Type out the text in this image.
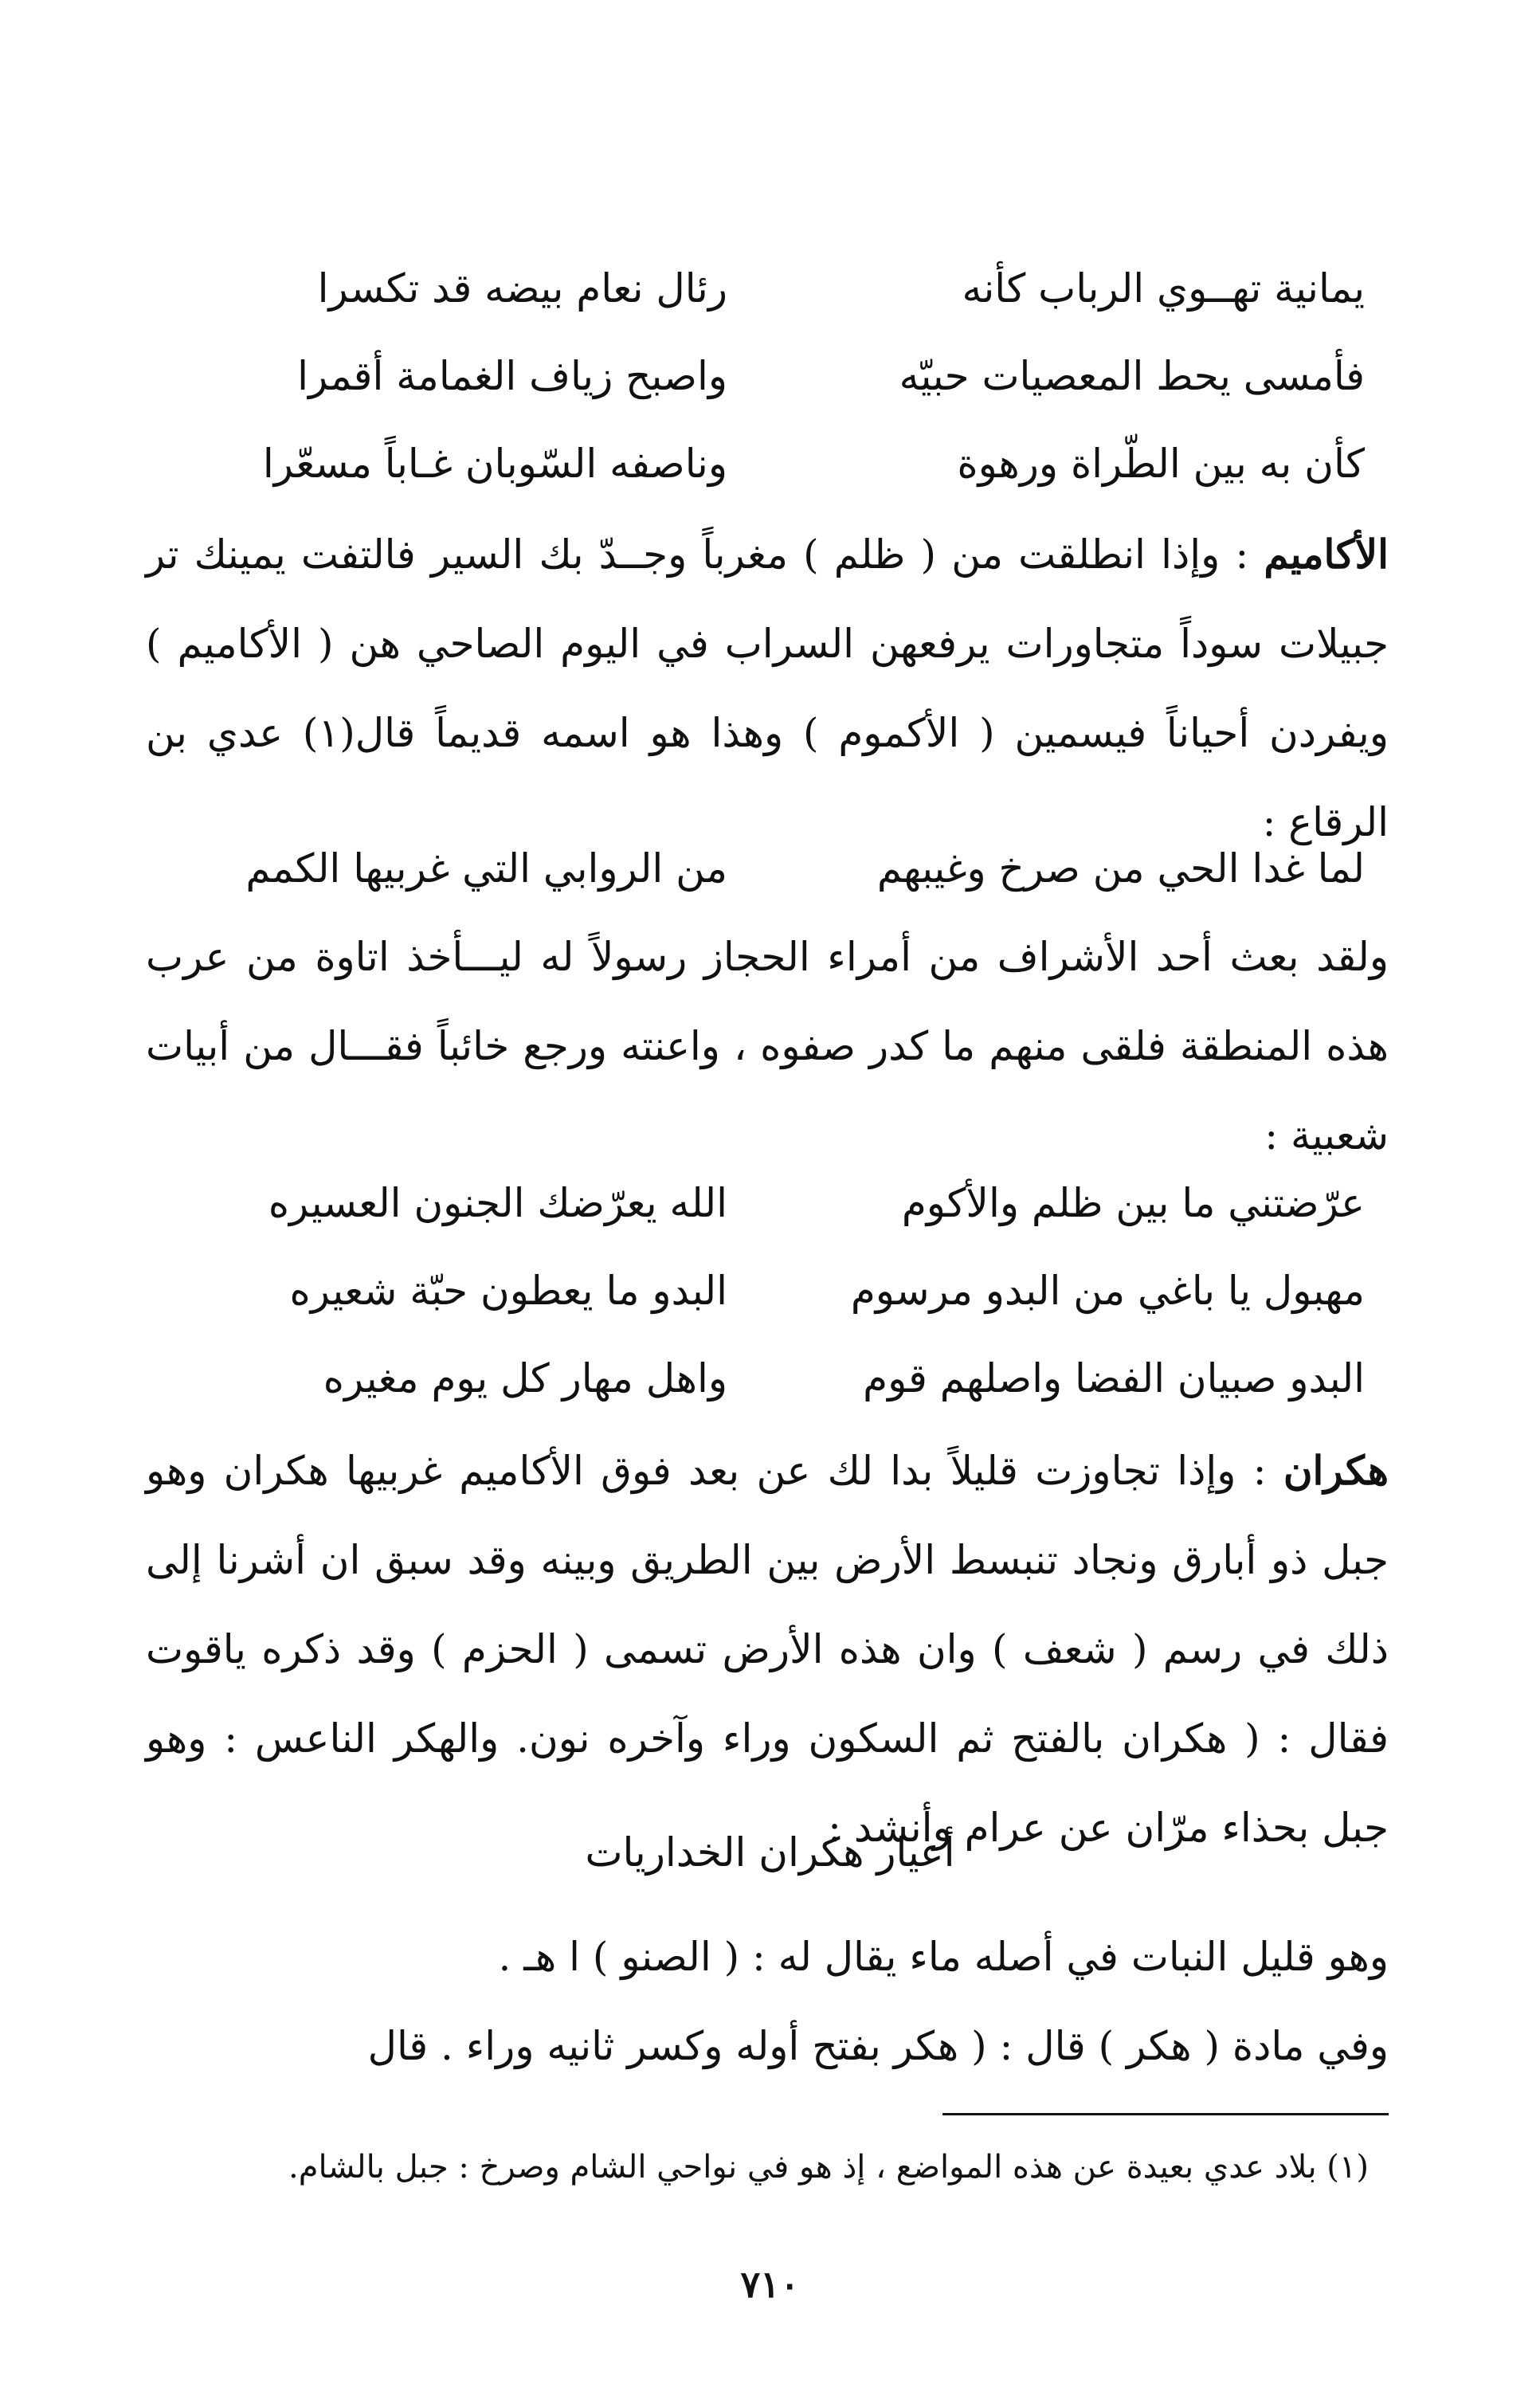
يمانية تهــوي الرباب كأنه
رئال نعام بيضه قد تكسرا
فأمسى يحط المعصيات حبيّه
واصبح زياف الغمامة أقمرا
كأن به بين الطّراة ورهوة
وناصفه السّوبان غـاباً مسعّرا
الأكاميم : وإذا انطلقت من ( ظلم ) مغرباً وجــدّ بك السير فالتفت يمينك تر جبيلات سوداً متجاورات يرفعهن السراب في اليوم الصاحي هن ( الأكاميم ) ويفردن أحياناً فيسمين ( الأكموم ) وهذا هو اسمه قديماً قال(١) عدي بن الرقاع :
لما غدا الحي من صرخ وغيبهم
من الروابي التي غربيها الكمم
ولقد بعث أحد الأشراف من أمراء الحجاز رسولاً له ليـــأخذ اتاوة من عرب هذه المنطقة فلقى منهم ما كدر صفوه ، واعنته ورجع خائباً فقـــال من أبيات شعبية :
عرّضتني ما بين ظلم والأكوم
الله يعرّضك الجنون العسيره
مهبول يا باغي من البدو مرسوم
البدو ما يعطون حبّة شعيره
البدو صبيان الفضا واصلهم قوم
واهل مهار كل يوم مغيره
هكران : وإذا تجاوزت قليلاً بدا لك عن بعد فوق الأكاميم غربيها هكران وهو جبل ذو أبارق ونجاد تنبسط الأرض بين الطريق وبينه وقد سبق ان أشرنا إلى ذلك في رسم ( شعف ) وان هذه الأرض تسمى ( الحزم ) وقد ذكره ياقوت فقال : ( هكران بالفتح ثم السكون وراء وآخره نون. والهكر الناعس : وهو جبل بحذاء مرّان عن عرام وأنشد :
أعيار هكران الخداريات
وهو قليل النبات في أصله ماء يقال له : ( الصنو ) ا هـ .
وفي مادة ( هكر ) قال : ( هكر بفتح أوله وكسر ثانيه وراء . قال
(١) بلاد عدي بعيدة عن هذه المواضع ، إذ هو في نواحي الشام وصرخ : جبل بالشام.
٧١٠
